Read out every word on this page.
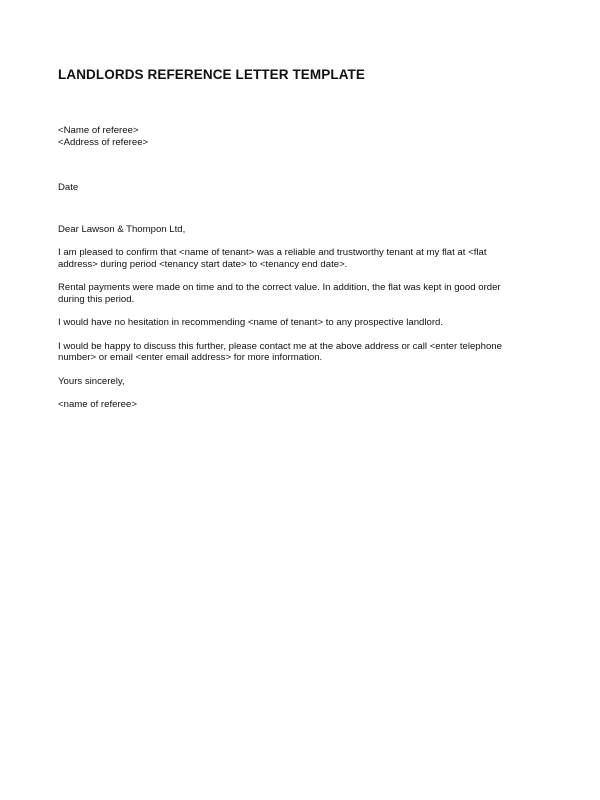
LANDLORDS REFERENCE LETTER TEMPLATE
<Name of referee>
<Address of referee>
Date
Dear Lawson & Thompon Ltd,
I am pleased to confirm that <name of tenant> was a reliable and trustworthy tenant at my flat at <flat
address> during period <tenancy start date> to <tenancy end date>.
Rental payments were made on time and to the correct value. In addition, the flat was kept in good order
during this period.
I would have no hesitation in recommending <name of tenant> to any prospective landlord.
I would be happy to discuss this further, please contact me at the above address or call <enter telephone
number> or email <enter email address> for more information.
Yours sincerely,
<name of referee>
